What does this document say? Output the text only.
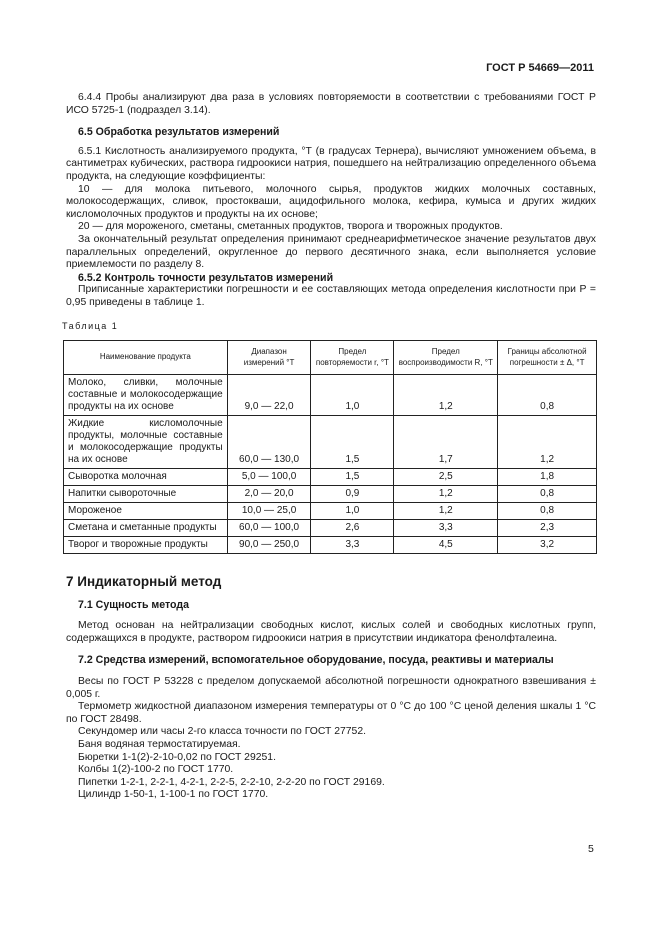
ГОСТ Р 54669—2011

6.4.4 Пробы анализируют два раза в условиях повторяемости в соответствии с требованиями ГОСТ Р ИСО 5725-1 (подраздел 3.14).

6.5 Обработка результатов измерений

6.5.1 Кислотность анализируемого продукта, °Т (в градусах Тернера), вычисляют умножением объема, в сантиметрах кубических, раствора гидроокиси натрия, пошедшего на нейтрализацию определенного объема продукта, на следующие коэффициенты:

10 — для молока питьевого, молочного сырья, продуктов жидких молочных составных, молокосодержащих, сливок, простокваши, ацидофильного молока, кефира, кумыса и других жидких кисломолочных продуктов и продукты на их основе;

20 — для мороженого, сметаны, сметанных продуктов, творога и творожных продуктов.

За окончательный результат определения принимают среднеарифметическое значение результатов двух параллельных определений, округленное до первого десятичного знака, если выполняется условие приемлемости по разделу 8.

6.5.2 Контроль точности результатов измерений

Приписанные характеристики погрешности и ее составляющих метода определения кислотности при Р = 0,95 приведены в таблице 1.

Таблица 1
Наименование продукта	Диапазон измерений °Т	Предел повторяемости r, °Т	Предел воспроизводимости R, °Т	Границы абсолютной погрешности ± Δ, °Т

Молоко, сливки, молочные составные и молокосодержащие продукты на их основе	9,0 — 22,0	1,0	1,2	0,8

Жидкие кисломолочные продукты, молочные составные и молокосодержащие продукты на их основе	60,0 — 130,0	1,5	1,7	1,2

Сыворотка молочная	5,0 — 100,0	1,5	2,5	1,8

Напитки сывороточные	2,0 — 20,0	0,9	1,2	0,8

Мороженое	10,0 — 25,0	1,0	1,2	0,8

Сметана и сметанные продукты	60,0 — 100,0	2,6	3,3	2,3

Творог и творожные продукты	90,0 — 250,0	3,3	4,5	3,2
7 Индикаторный метод
7.1 Сущность метода

Метод основан на нейтрализации свободных кислот, кислых солей и свободных кислотных групп, содержащихся в продукте, раствором гидроокиси натрия в присутствии индикатора фенолфталеина.

7.2 Средства измерений, вспомогательное оборудование, посуда, реактивы и материалы

Весы по ГОСТ Р 53228 с пределом допускаемой абсолютной погрешности однократного взвешивания ± 0,005 г.

Термометр жидкостной диапазоном измерения температуры от 0 °С до 100 °С ценой деления шкалы 1 °С по ГОСТ 28498.

Секундомер или часы 2-го класса точности по ГОСТ 27752.

Баня водяная термостатируемая.

Бюретки 1-1(2)-2-10-0,02 по ГОСТ 29251.

Колбы 1(2)-100-2 по ГОСТ 1770.

Пипетки 1-2-1, 2-2-1, 4-2-1, 2-2-5, 2-2-10, 2-2-20 по ГОСТ 29169.

Цилиндр 1-50-1, 1-100-1 по ГОСТ 1770.

5
